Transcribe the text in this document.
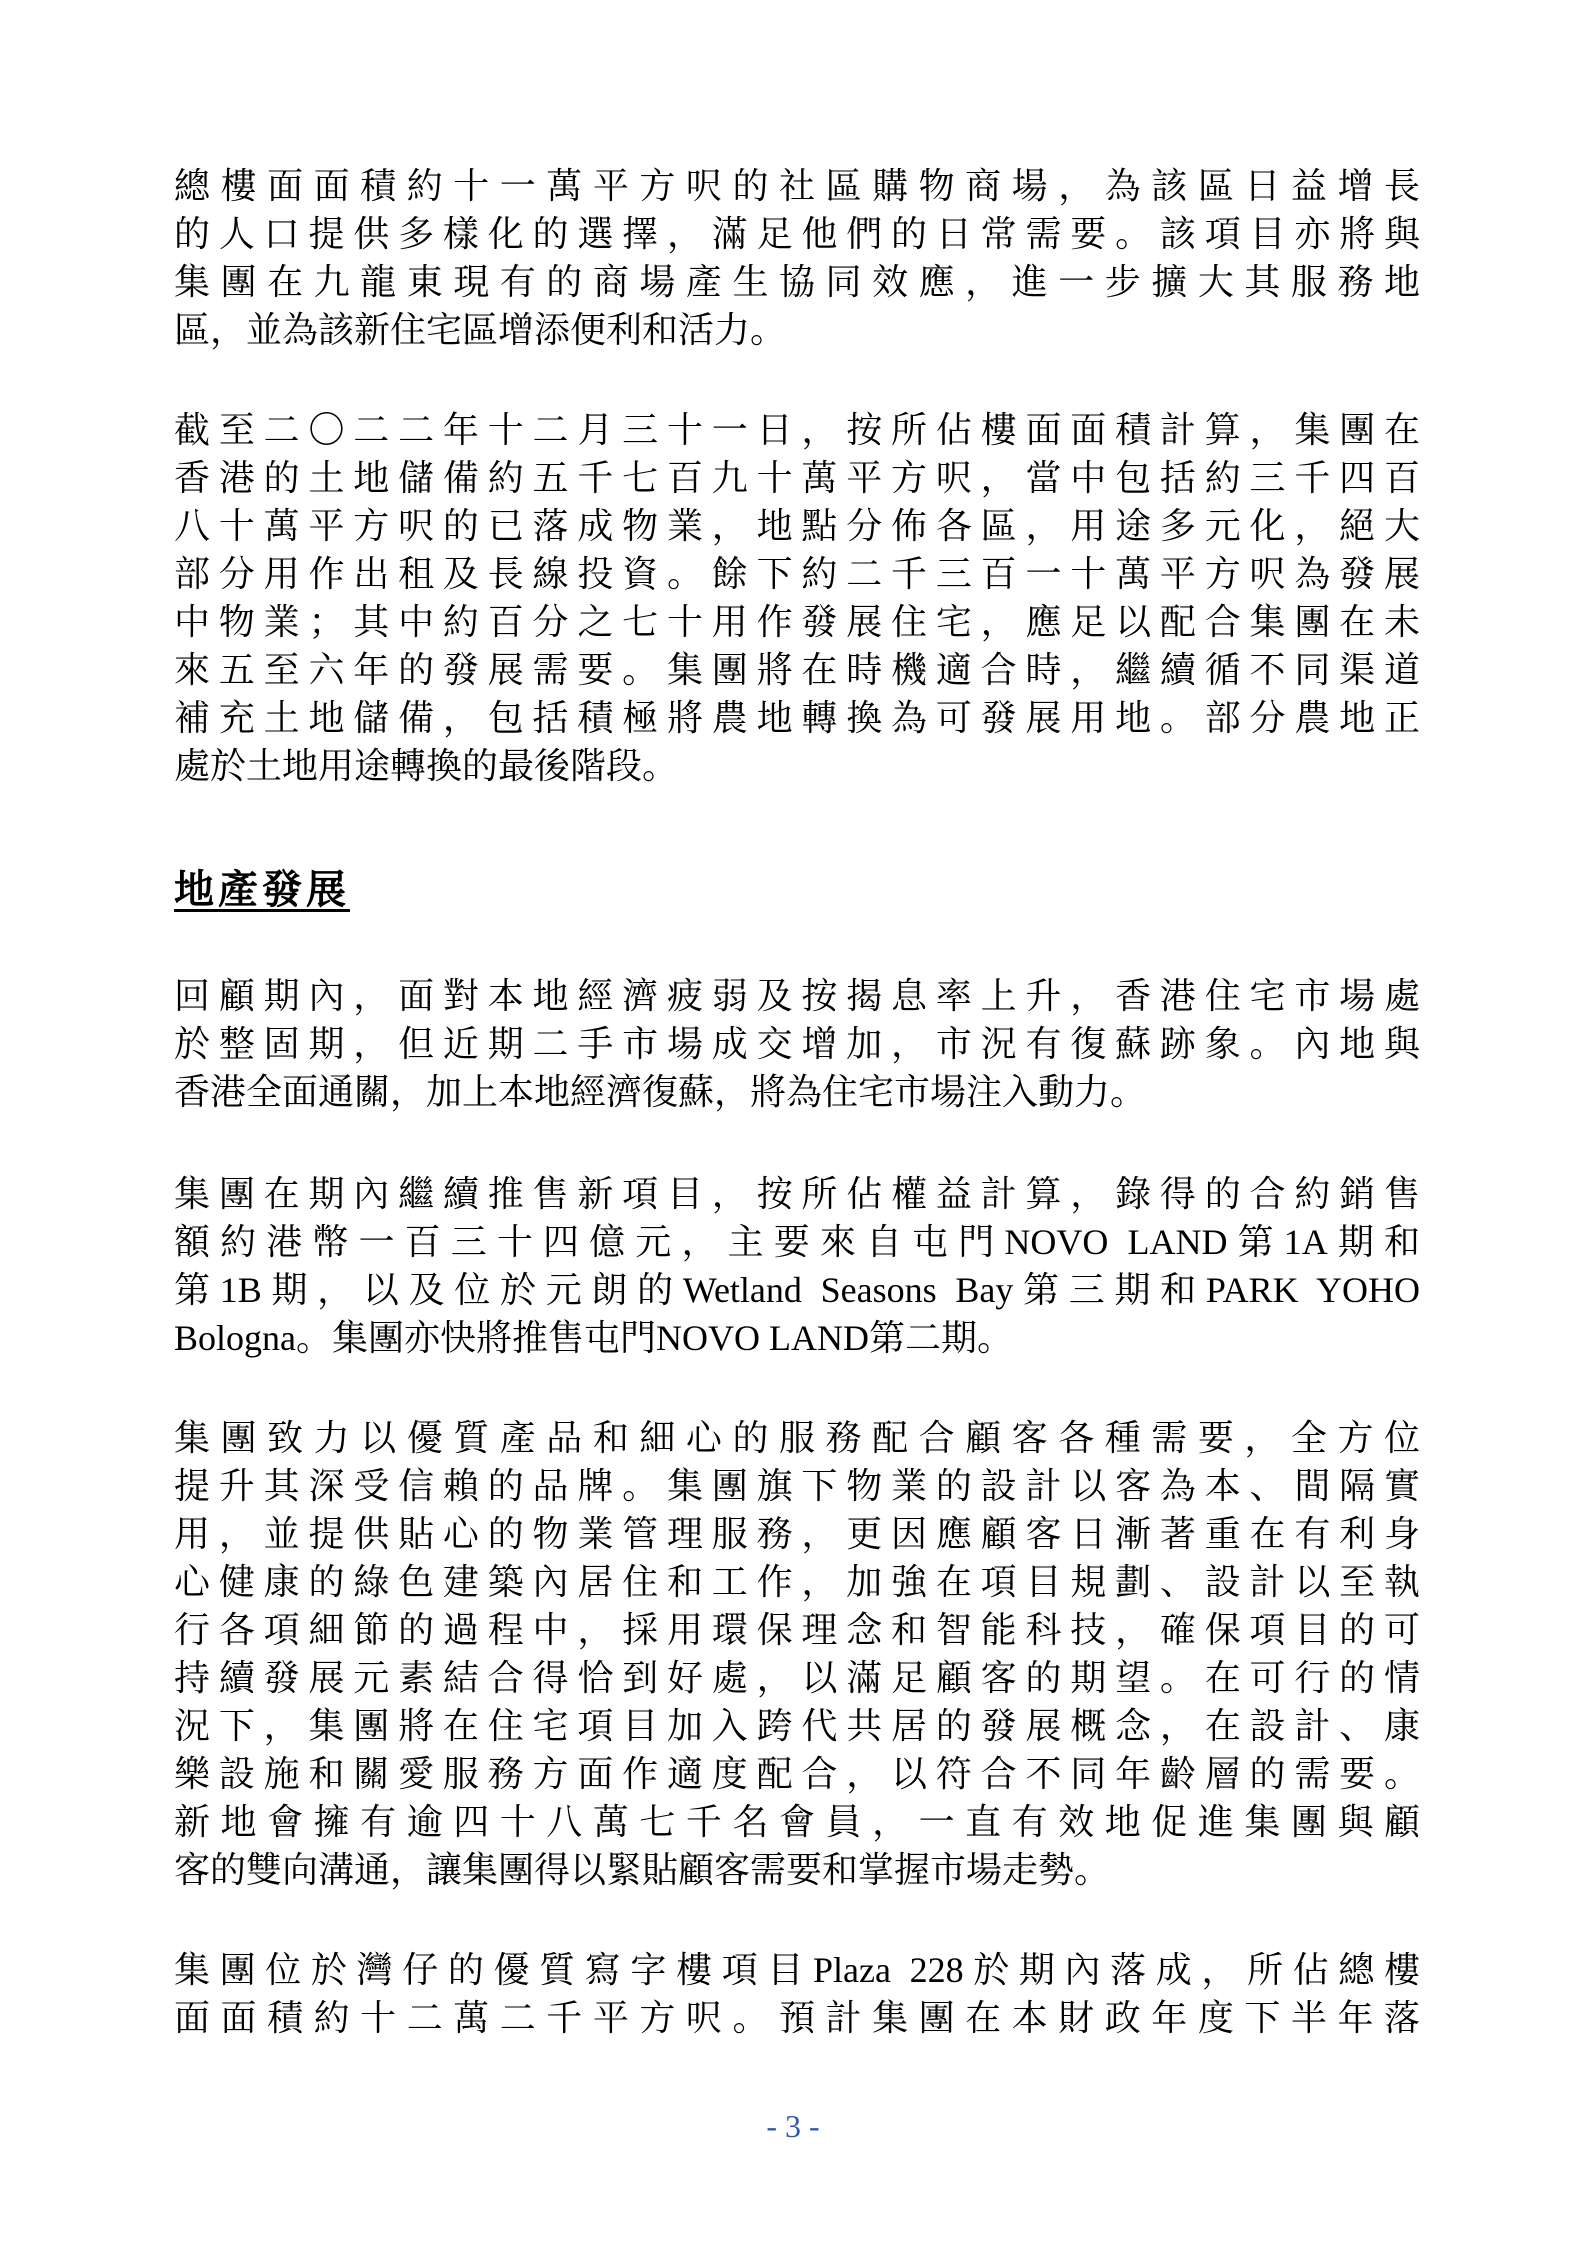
總樓面面積約十一萬平方呎的社區購物商場，為該區日益增長
的人口提供多樣化的選擇，滿足他們的日常需要。該項目亦將與
集團在九龍東現有的商場產生協同效應，進一步擴大其服務地
區，並為該新住宅區增添便利和活力。
截至二〇二二年十二月三十一日，按所佔樓面面積計算，集團在
香港的土地儲備約五千七百九十萬平方呎，當中包括約三千四百
八十萬平方呎的已落成物業，地點分佈各區，用途多元化，絕大
部分用作出租及長線投資。餘下約二千三百一十萬平方呎為發展
中物業；其中約百分之七十用作發展住宅，應足以配合集團在未
來五至六年的發展需要。集團將在時機適合時，繼續循不同渠道
補充土地儲備，包括積極將農地轉換為可發展用地。部分農地正
處於土地用途轉換的最後階段。
地產發展
回顧期內，面對本地經濟疲弱及按揭息率上升，香港住宅市場處
於整固期，但近期二手市場成交增加，市況有復蘇跡象。內地與
香港全面通關，加上本地經濟復蘇，將為住宅市場注入動力。
集團在期內繼續推售新項目，按所佔權益計算，錄得的合約銷售
額約港幣一百三十四億元，主要來自屯門NOVO LAND第1A期和
第1B期，以及位於元朗的Wetland Seasons Bay第三期和PARK YOHO
Bologna。集團亦快將推售屯門NOVO LAND第二期。
集團致力以優質產品和細心的服務配合顧客各種需要，全方位
提升其深受信賴的品牌。集團旗下物業的設計以客為本、間隔實
用，並提供貼心的物業管理服務，更因應顧客日漸著重在有利身
心健康的綠色建築內居住和工作，加強在項目規劃、設計以至執
行各項細節的過程中，採用環保理念和智能科技，確保項目的可
持續發展元素結合得恰到好處，以滿足顧客的期望。在可行的情
況下，集團將在住宅項目加入跨代共居的發展概念，在設計、康
樂設施和關愛服務方面作適度配合，以符合不同年齡層的需要。
新地會擁有逾四十八萬七千名會員，一直有效地促進集團與顧
客的雙向溝通，讓集團得以緊貼顧客需要和掌握市場走勢。
集團位於灣仔的優質寫字樓項目Plaza 228於期內落成，所佔總樓
面面積約十二萬二千平方呎。預計集團在本財政年度下半年落
- 3 -
